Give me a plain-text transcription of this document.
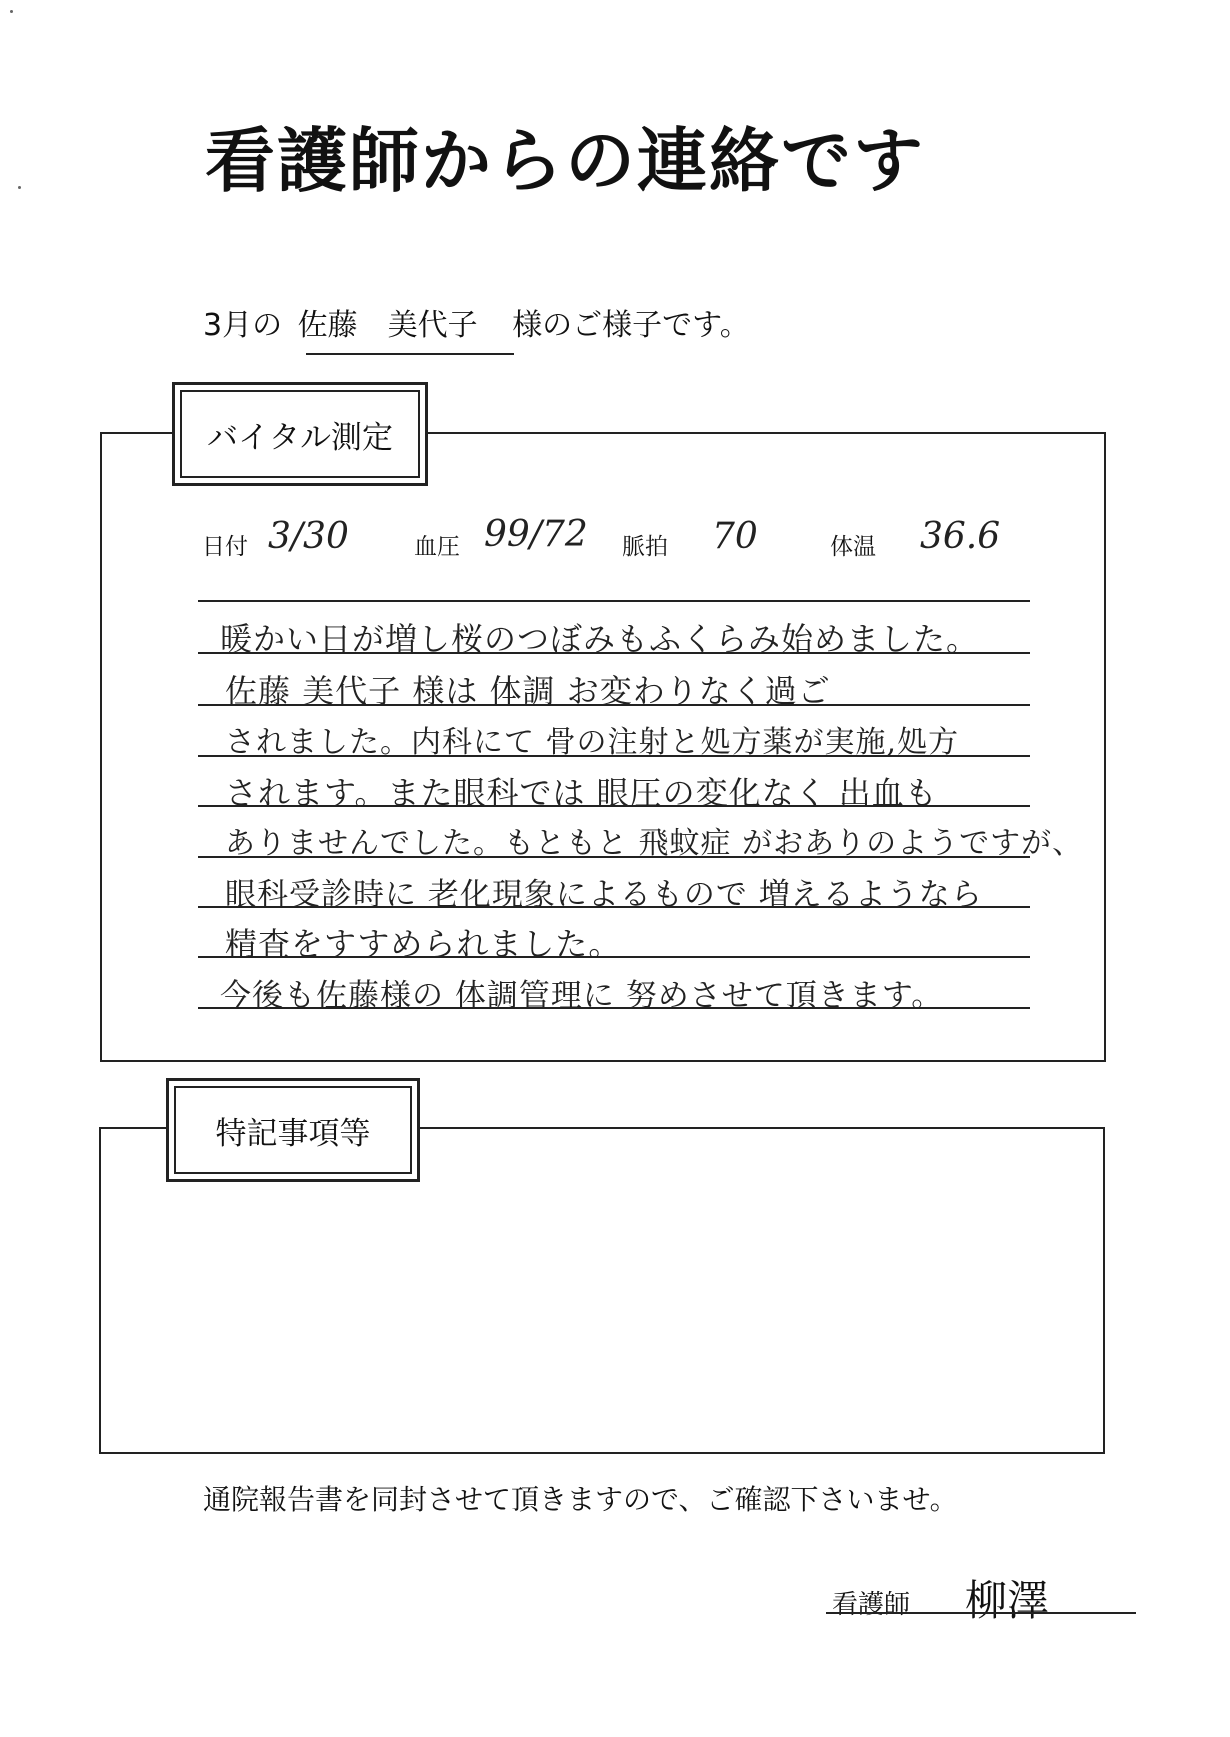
看護師からの連絡です
3月の 佐藤　美代子 様のご様子です。
バイタル測定
日付 3/30	血圧 99/72 脈拍 70	体温 36.6
暖かい日が増し桜のつぼみもふくらみ始めました。
佐藤 美代子 様は 体調 お変わりなく過ご
されました。内科にて 骨の注射と処方薬が実施,処方
されます。また眼科では 眼圧の変化なく 出血も
ありませんでした。もともと 飛蚊症 がおありのようですが、
眼科受診時に 老化現象によるもので 増えるようなら
精査をすすめられました。
今後も佐藤様の 体調管理に 努めさせて頂きます。
特記事項等
通院報告書を同封させて頂きますので、ご確認下さいませ。
看護師 柳澤
